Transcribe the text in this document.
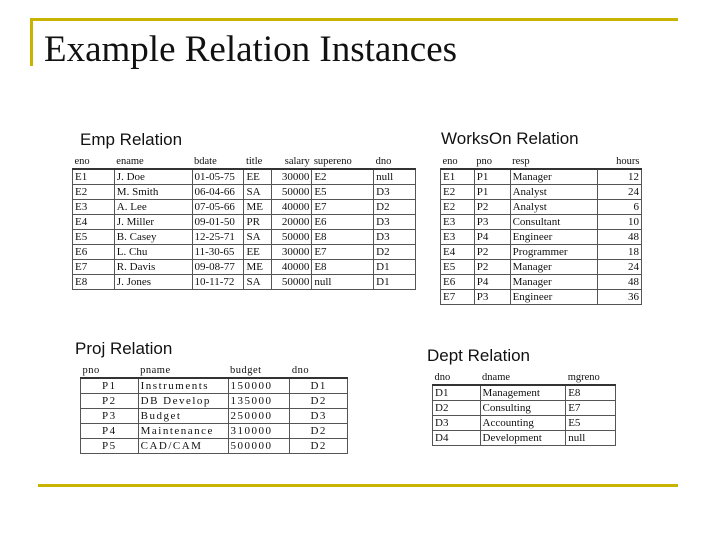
Example Relation Instances
Emp Relation
eno	ename	bdate	title	salary	supereno	dno
E1	J. Doe	01-05-75	EE	30000	E2	null
E2	M. Smith	06-04-66	SA	50000	E5	D3
E3	A. Lee	07-05-66	ME	40000	E7	D2
E4	J. Miller	09-01-50	PR	20000	E6	D3
E5	B. Casey	12-25-71	SA	50000	E8	D3
E6	L. Chu	11-30-65	EE	30000	E7	D2
E7	R. Davis	09-08-77	ME	40000	E8	D1
E8	J. Jones	10-11-72	SA	50000	null	D1
WorksOn Relation
eno	pno	resp	hours
E1	P1	Manager	12
E2	P1	Analyst	24
E2	P2	Analyst	6
E3	P3	Consultant	10
E3	P4	Engineer	48
E4	P2	Programmer	18
E5	P2	Manager	24
E6	P4	Manager	48
E7	P3	Engineer	36
Proj Relation
pno	pname	budget	dno
P1	Instruments	150000	D1
P2	DB Develop	135000	D2
P3	Budget	250000	D3
P4	Maintenance	310000	D2
P5	CAD/CAM	500000	D2
Dept Relation
dno	dname	mgreno
D1	Management	E8
D2	Consulting	E7
D3	Accounting	E5
D4	Development	null
